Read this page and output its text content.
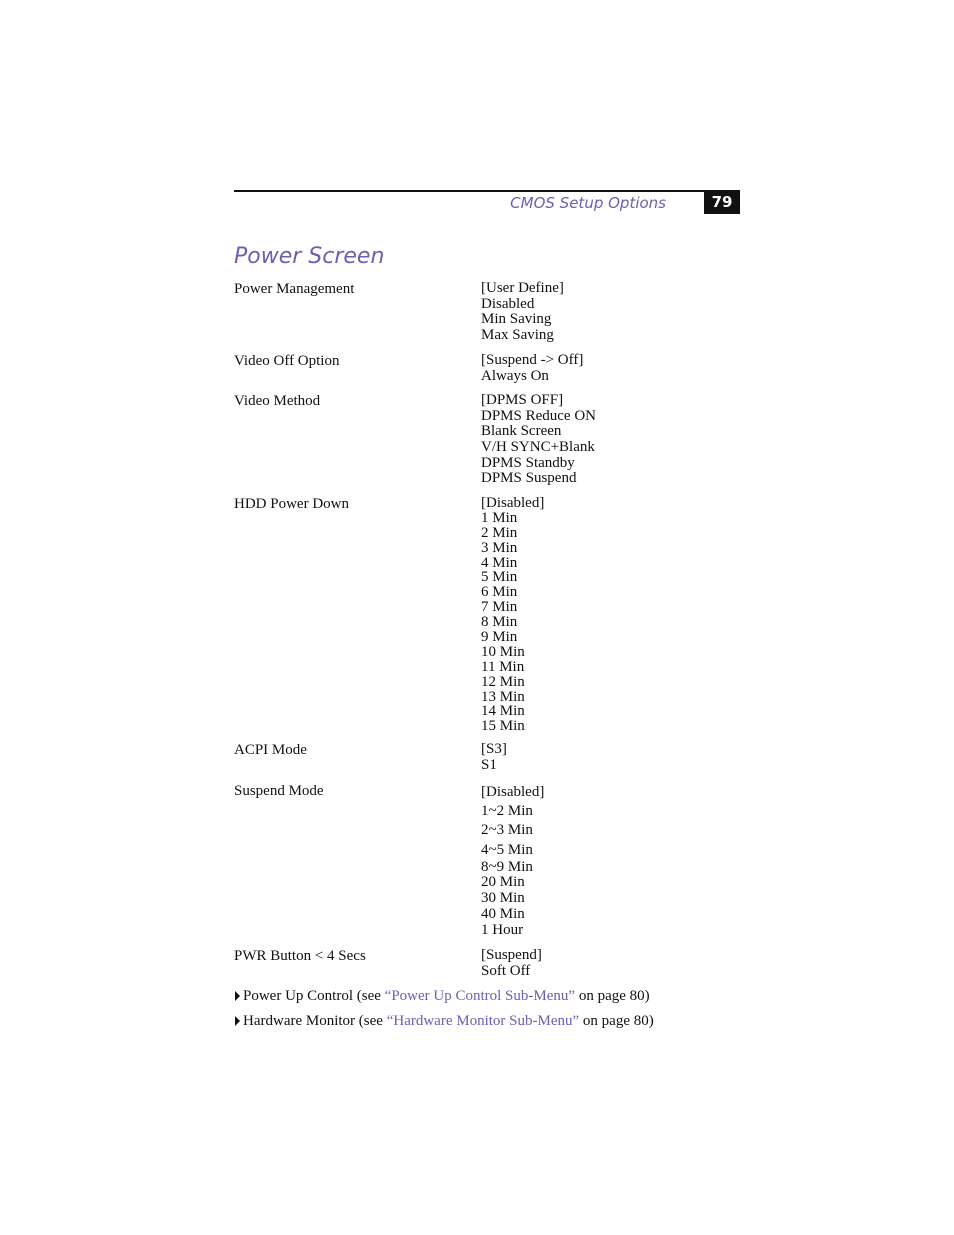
CMOS Setup Options	79
Power Screen
Power Management	[User Define]
Disabled
Min Saving
Max Saving
Video Off Option	[Suspend -> Off]
Always On
Video Method	[DPMS OFF]
DPMS Reduce ON
Blank Screen
V/H SYNC+Blank
DPMS Standby
DPMS Suspend
HDD Power Down	[Disabled]
1 Min
2 Min
3 Min
4 Min
5 Min
6 Min
7 Min
8 Min
9 Min
10 Min
11 Min
12 Min
13 Min
14 Min
15 Min
ACPI Mode	[S3]
S1
Suspend Mode	[Disabled]
1~2 Min
2~3 Min
4~5 Min
8~9 Min
20 Min
30 Min
40 Min
1 Hour
PWR Button < 4 Secs	[Suspend]
Soft Off
Power Up Control (see “Power Up Control Sub-Menu” on page 80)
Hardware Monitor (see “Hardware Monitor Sub-Menu” on page 80)
